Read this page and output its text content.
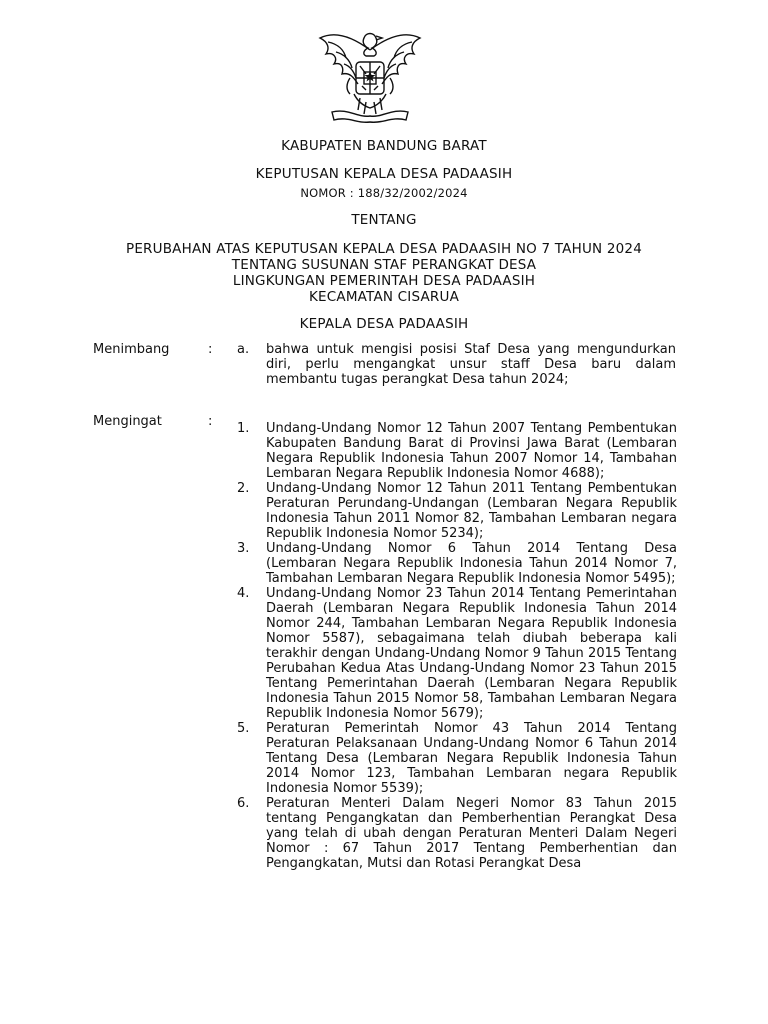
KABUPATEN BANDUNG BARAT
KEPUTUSAN KEPALA DESA PADAASIH
NOMOR : 188/32/2002/2024
TENTANG
PERUBAHAN ATAS KEPUTUSAN KEPALA DESA PADAASIH NO 7 TAHUN 2024
TENTANG SUSUNAN STAF PERANGKAT DESA
LINGKUNGAN PEMERINTAH DESA PADAASIH
KECAMATAN CISARUA
KEPALA DESA PADAASIH
Menimbang	: a. bahwa untuk mengisi posisi Staf Desa yang mengundurkan diri, perlu mengangkat unsur staff Desa baru dalam membantu tugas perangkat Desa tahun 2024;
Mengingat	: 1. Undang-Undang Nomor 12 Tahun 2007 Tentang Pembentukan Kabupaten Bandung Barat di Provinsi Jawa Barat (Lembaran Negara Republik Indonesia Tahun 2007 Nomor 14, Tambahan Lembaran Negara Republik Indonesia Nomor 4688);
2. Undang-Undang Nomor 12 Tahun 2011 Tentang Pembentukan Peraturan Perundang-Undangan (Lembaran Negara Republik Indonesia Tahun 2011 Nomor 82, Tambahan Lembaran negara Republik Indonesia Nomor 5234);
3. Undang-Undang Nomor 6 Tahun 2014 Tentang Desa (Lembaran Negara Republik Indonesia Tahun 2014 Nomor 7, Tambahan Lembaran Negara Republik Indonesia Nomor 5495);
4. Undang-Undang Nomor 23 Tahun 2014 Tentang Pemerintahan Daerah (Lembaran Negara Republik Indonesia Tahun 2014 Nomor 244, Tambahan Lembaran Negara Republik Indonesia Nomor 5587), sebagaimana telah diubah beberapa kali terakhir dengan Undang-Undang Nomor 9 Tahun 2015 Tentang Perubahan Kedua Atas Undang-Undang Nomor 23 Tahun 2015 Tentang Pemerintahan Daerah (Lembaran Negara Republik Indonesia Tahun 2015 Nomor 58, Tambahan Lembaran Negara Republik Indonesia Nomor 5679);
5. Peraturan Pemerintah Nomor 43 Tahun 2014 Tentang Peraturan Pelaksanaan Undang-Undang Nomor 6 Tahun 2014 Tentang Desa (Lembaran Negara Republik Indonesia Tahun 2014 Nomor 123, Tambahan Lembaran negara Republik Indonesia Nomor 5539);
6. Peraturan Menteri Dalam Negeri Nomor 83 Tahun 2015 tentang Pengangkatan dan Pemberhentian Perangkat Desa yang telah di ubah dengan Peraturan Menteri Dalam Negeri Nomor : 67 Tahun 2017 Tentang Pemberhentian dan Pengangkatan, Mutsi dan Rotasi Perangkat Desa
